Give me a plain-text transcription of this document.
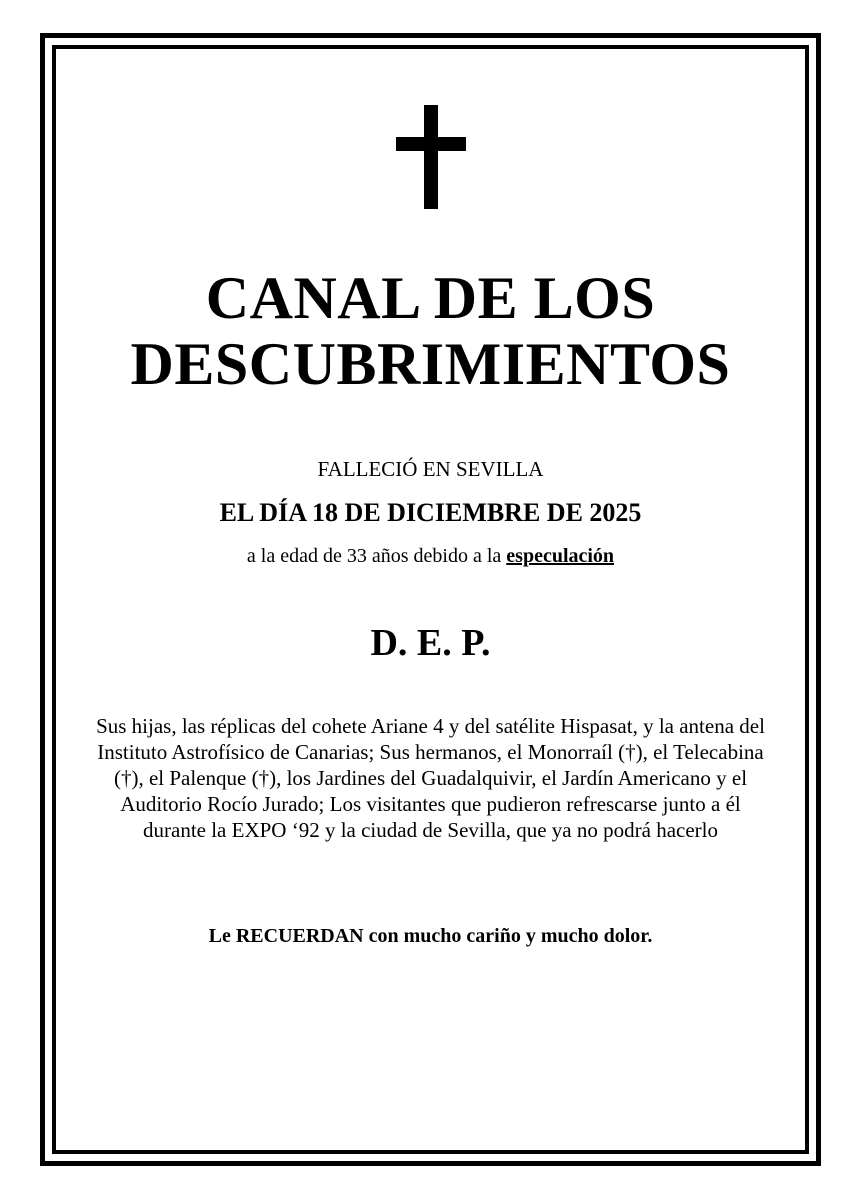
CANAL DE LOS
DESCUBRIMIENTOS
FALLECIÓ EN SEVILLA
EL DÍA 18 DE DICIEMBRE DE 2025
a la edad de 33 años debido a la especulación
D. E. P.
Sus hijas, las réplicas del cohete Ariane 4 y del satélite Hispasat, y la antena del Instituto Astrofísico de Canarias; Sus hermanos, el Monorraíl (†), el Telecabina (†), el Palenque (†), los Jardines del Guadalquivir, el Jardín Americano y el Auditorio Rocío Jurado; Los visitantes que pudieron refrescarse junto a él durante la EXPO ‘92 y la ciudad de Sevilla, que ya no podrá hacerlo
Le RECUERDAN con mucho cariño y mucho dolor.
